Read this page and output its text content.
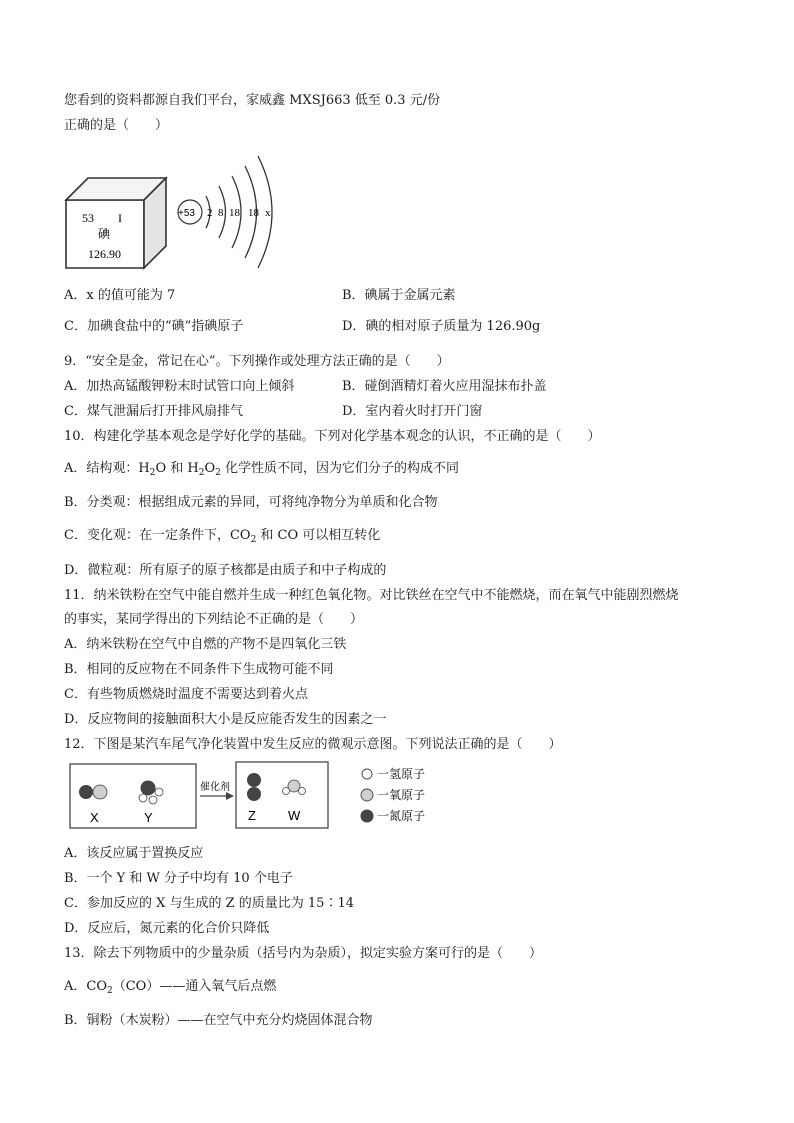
您看到的资料都源自我们平台，家威鑫 MXSJ663 低至 0.3 元/份
正确的是（　　）
53 I
碘
126.90
+53 2 8 18 18 x
A．x 的值可能为 7	B．碘属于金属元素
C．加碘食盐中的“碘”指碘原子	D．碘的相对原子质量为 126.90g
9．“安全是金，常记在心”。下列操作或处理方法正确的是（　　）
A．加热高锰酸钾粉末时试管口向上倾斜	B．碰倒酒精灯着火应用湿抹布扑盖
C．煤气泄漏后打开排风扇排气	D．室内着火时打开门窗
10．构建化学基本观念是学好化学的基础。下列对化学基本观念的认识，不正确的是（　　）
A．结构观：$H_2O$ 和 $H_2O_2$ 化学性质不同，因为它们分子的构成不同
B．分类观：根据组成元素的异同，可将纯净物分为单质和化合物
C．变化观：在一定条件下，$CO_2$ 和 CO 可以相互转化
D．微粒观：所有原子的原子核都是由质子和中子构成的
11．纳米铁粉在空气中能自燃并生成一种红色氧化物。对比铁丝在空气中不能燃烧，而在氧气中能剧烈燃烧
的事实，某同学得出的下列结论不正确的是（　　）
A．纳米铁粉在空气中自燃的产物不是四氧化三铁
B．相同的反应物在不同条件下生成物可能不同
C．有些物质燃烧时温度不需要达到着火点
D．反应物间的接触面积大小是反应能否发生的因素之一
12．下图是某汽车尾气净化装置中发生反应的微观示意图。下列说法正确的是（　　）
X	Y
催化剂
Z W
一氢原子
一氧原子
一氮原子
A．该反应属于置换反应
B．一个 Y 和 W 分子中均有 10 个电子
C．参加反应的 X 与生成的 Z 的质量比为 15∶14
D．反应后，氮元素的化合价只降低
13．除去下列物质中的少量杂质（括号内为杂质），拟定实验方案可行的是（　　）
A．$CO_2(CO)——$通入氧气后点燃
B．铜粉（木炭粉）——在空气中充分灼烧固体混合物
